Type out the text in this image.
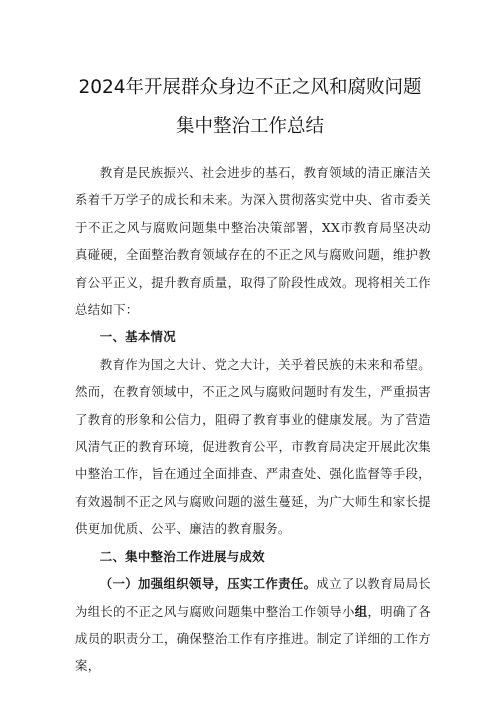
2024年开展群众身边不正之风和腐败问题
集中整治工作总结

教育是民族振兴、社会进步的基石，教育领域的清正廉洁关系着千万学子的成长和未来。为深入贯彻落实党中央、省市委关于不正之风与腐败问题集中整治决策部署，XX市教育局坚决动真碰硬，全面整治教育领域存在的不正之风与腐败问题，维护教育公平正义，提升教育质量，取得了阶段性成效。现将相关工作总结如下：

一、基本情况

教育作为国之大计、党之大计，关乎着民族的未来和希望。然而，在教育领域中，不正之风与腐败问题时有发生，严重损害了教育的形象和公信力，阻碍了教育事业的健康发展。为了营造风清气正的教育环境，促进教育公平，市教育局决定开展此次集中整治工作，旨在通过全面排查、严肃查处、强化监督等手段，有效遏制不正之风与腐败问题的滋生蔓延，为广大师生和家长提供更加优质、公平、廉洁的教育服务。

二、集中整治工作进展与成效

（一）加强组织领导，压实工作责任。成立了以教育局局长为组长的不正之风与腐败问题集中整治工作领导小组，明确了各成员的职责分工，确保整治工作有序推进。制定了详细的工作方案，
